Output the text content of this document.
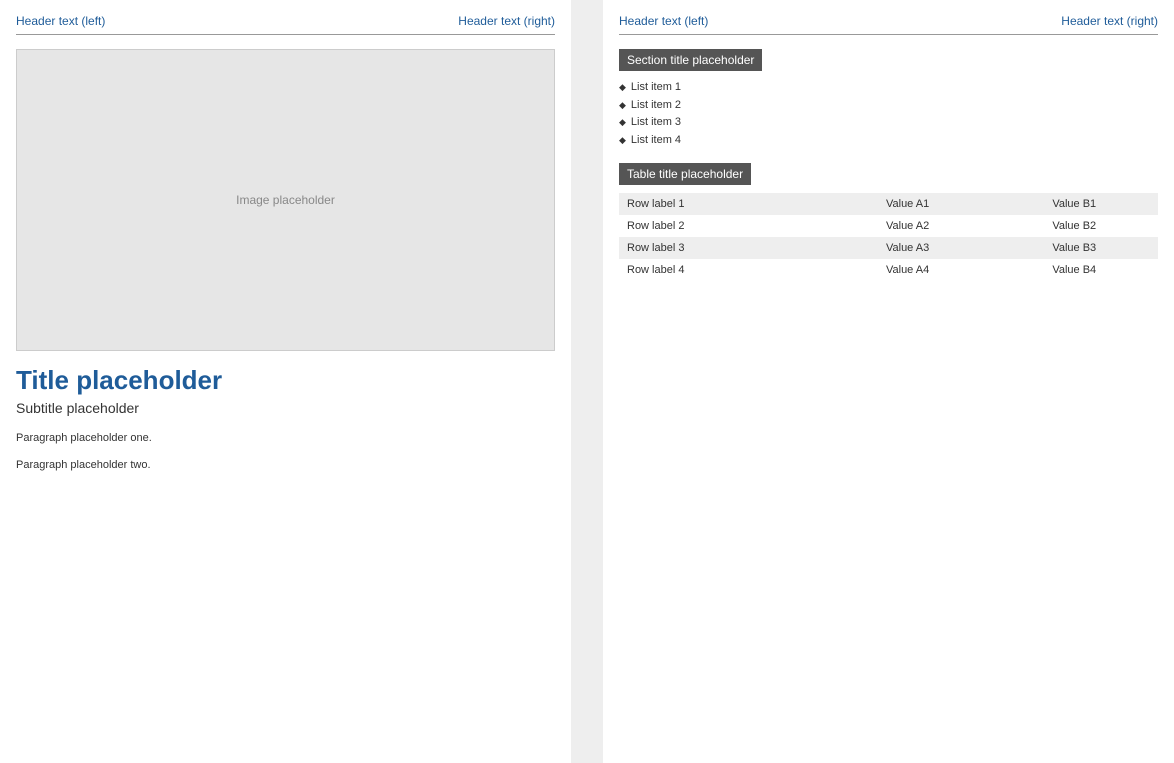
Header text (left)	Header text (right)
Image placeholder
Title placeholder
Subtitle placeholder

Paragraph placeholder one.

Paragraph placeholder two.

Header text (left)	Header text (right)
Section title placeholder
◆ List item 1
◆ List item 2
◆ List item 3
◆ List item 4
Table title placeholder
Row label 1	Value A1	Value B1
Row label 2	Value A2	Value B2
Row label 3	Value A3	Value B3
Row label 4	Value A4	Value B4
